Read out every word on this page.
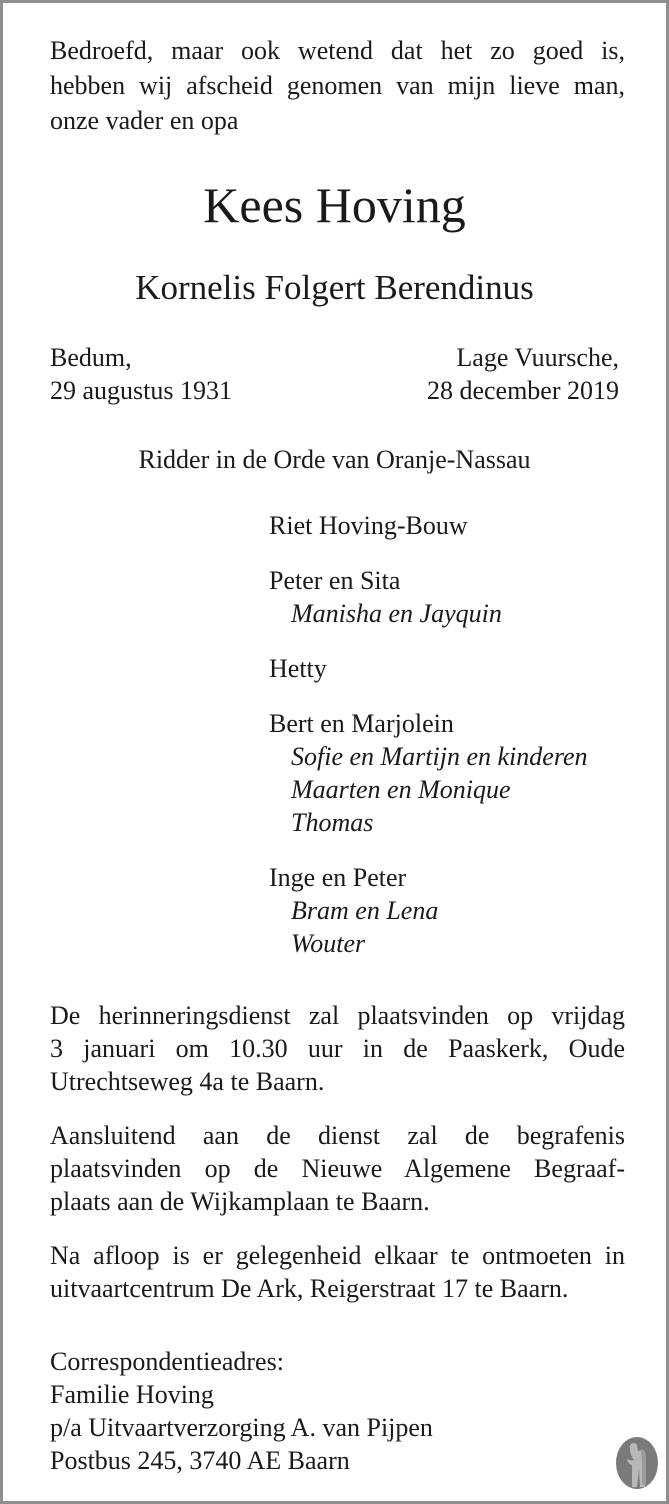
Bedroefd, maar ook wetend dat het zo goed is,
hebben wij afscheid genomen van mijn lieve man,
onze vader en opa
Kees Hoving
Kornelis Folgert Berendinus
Bedum,
29 augustus 1931
Lage Vuursche,
28 december 2019
Ridder in de Orde van Oranje-Nassau
Riet Hoving-Bouw
Peter en Sita
Manisha en Jayquin
Hetty
Bert en Marjolein
Sofie en Martijn en kinderen
Maarten en Monique
Thomas
Inge en Peter
Bram en Lena
Wouter

De herinneringsdienst zal plaatsvinden op vrijdag
3 januari om 10.30 uur in de Paaskerk, Oude
Utrechtseweg 4a te Baarn.

Aansluitend aan de dienst zal de begrafenis
plaatsvinden op de Nieuwe Algemene Begraaf-
plaats aan de Wijkamplaan te Baarn.

Na afloop is er gelegenheid elkaar te ontmoeten in
uitvaartcentrum De Ark, Reigerstraat 17 te Baarn.

Correspondentieadres:
Familie Hoving
p/a Uitvaartverzorging A. van Pijpen
Postbus 245, 3740 AE Baarn
